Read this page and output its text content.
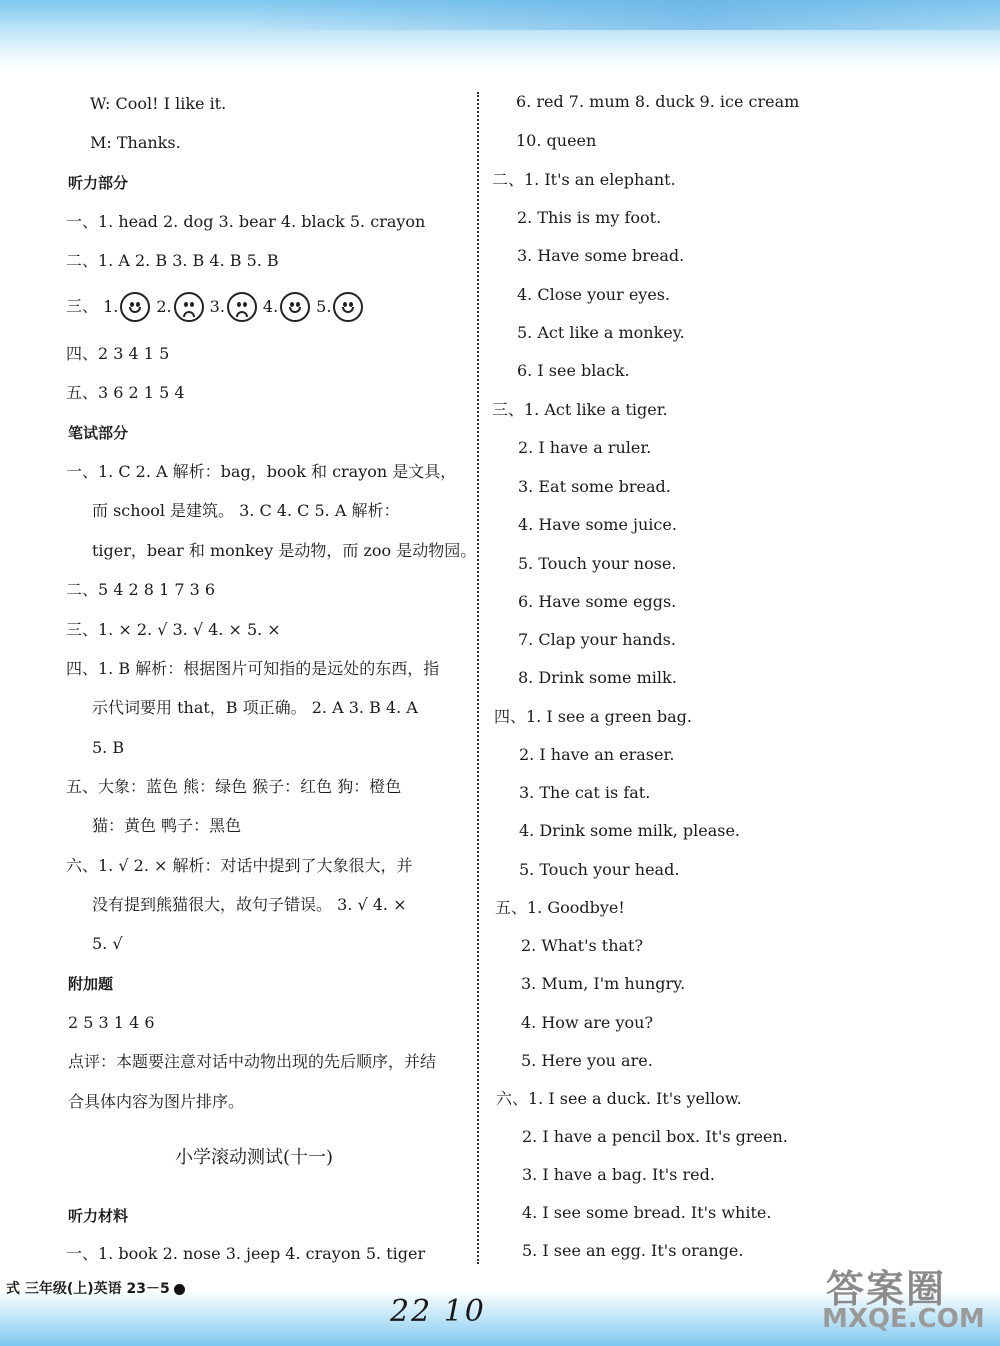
W: Cool! I like it.
M: Thanks.
听力部分
一、1. head 2. dog 3. bear 4. black 5. crayon
二、1. A 2. B 3. B 4. B 5. B
四、2 3 4 1 5
五、3 6 2 1 5 4
笔试部分
一、1. C 2. A 解析：bag，book 和 crayon 是文具，
而 school 是建筑。 3. C 4. C 5. A 解析：
tiger，bear 和 monkey 是动物，而 zoo 是动物园。
二、5 4 2 8 1 7 3 6
三、1. × 2. √ 3. √ 4. × 5. ×
四、1. B 解析：根据图片可知指的是远处的东西，指
示代词要用 that，B 项正确。 2. A 3. B 4. A
5. B
五、大象：蓝色 熊：绿色 猴子：红色 狗：橙色
猫：黄色 鸭子：黑色
六、1. √ 2. × 解析：对话中提到了大象很大，并
没有提到熊猫很大，故句子错误。 3. √ 4. ×
5. √
附加题
2 5 3 1 4 6
点评：本题要注意对话中动物出现的先后顺序，并结
合具体内容为图片排序。
小学滚动测试(十一)
听力材料
一、1. book 2. nose 3. jeep 4. crayon 5. tiger
6. red 7. mum 8. duck 9. ice cream
10. queen
二、1. It's an elephant.
2. This is my foot.
3. Have some bread.
4. Close your eyes.
5. Act like a monkey.
6. I see black.
三、1. Act like a tiger.
2. I have a ruler.
3. Eat some bread.
4. Have some juice.
5. Touch your nose.
6. Have some eggs.
7. Clap your hands.
8. Drink some milk.
四、1. I see a green bag.
2. I have an eraser.
3. The cat is fat.
4. Drink some milk, please.
5. Touch your head.
五、1. Goodbye!
2. What's that?
3. Mum, I'm hungry.
4. How are you?
5. Here you are.
六、1. I see a duck. It's yellow.
2. I have a pencil box. It's green.
3. I have a bag. It's red.
4. I see some bread. It's white.
5. I see an egg. It's orange.
三、 1. 2. 3. 4. 5.
式 三年级(上)英语 23－5
22 10
答案圈
MXQE.COM
